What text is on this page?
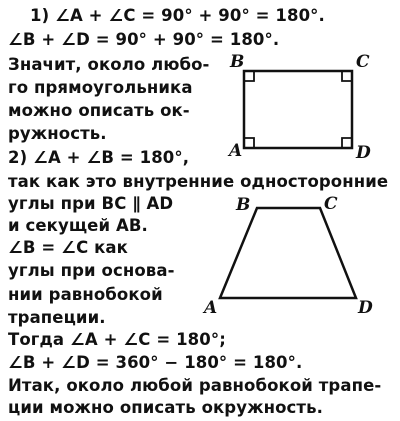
1) ∠A + ∠C = 90° + 90° = 180°.
∠B + ∠D = 90° + 90° = 180°.
Значит, около любо-
го прямоугольника
можно описать ок-
ружность.
2) ∠A + ∠B = 180°,
так как это внутренние односторонние
углы при BC ∥ AD
и секущей AB.
∠B = ∠C как
углы при основа-
нии равнобокой
трапеции.
Тогда ∠A + ∠C = 180°;
∠B + ∠D = 360° − 180° = 180°.
Итак, около любой равнобокой трапе-
ции можно описать окружность.
B	C
A	D
B	C
A	D
